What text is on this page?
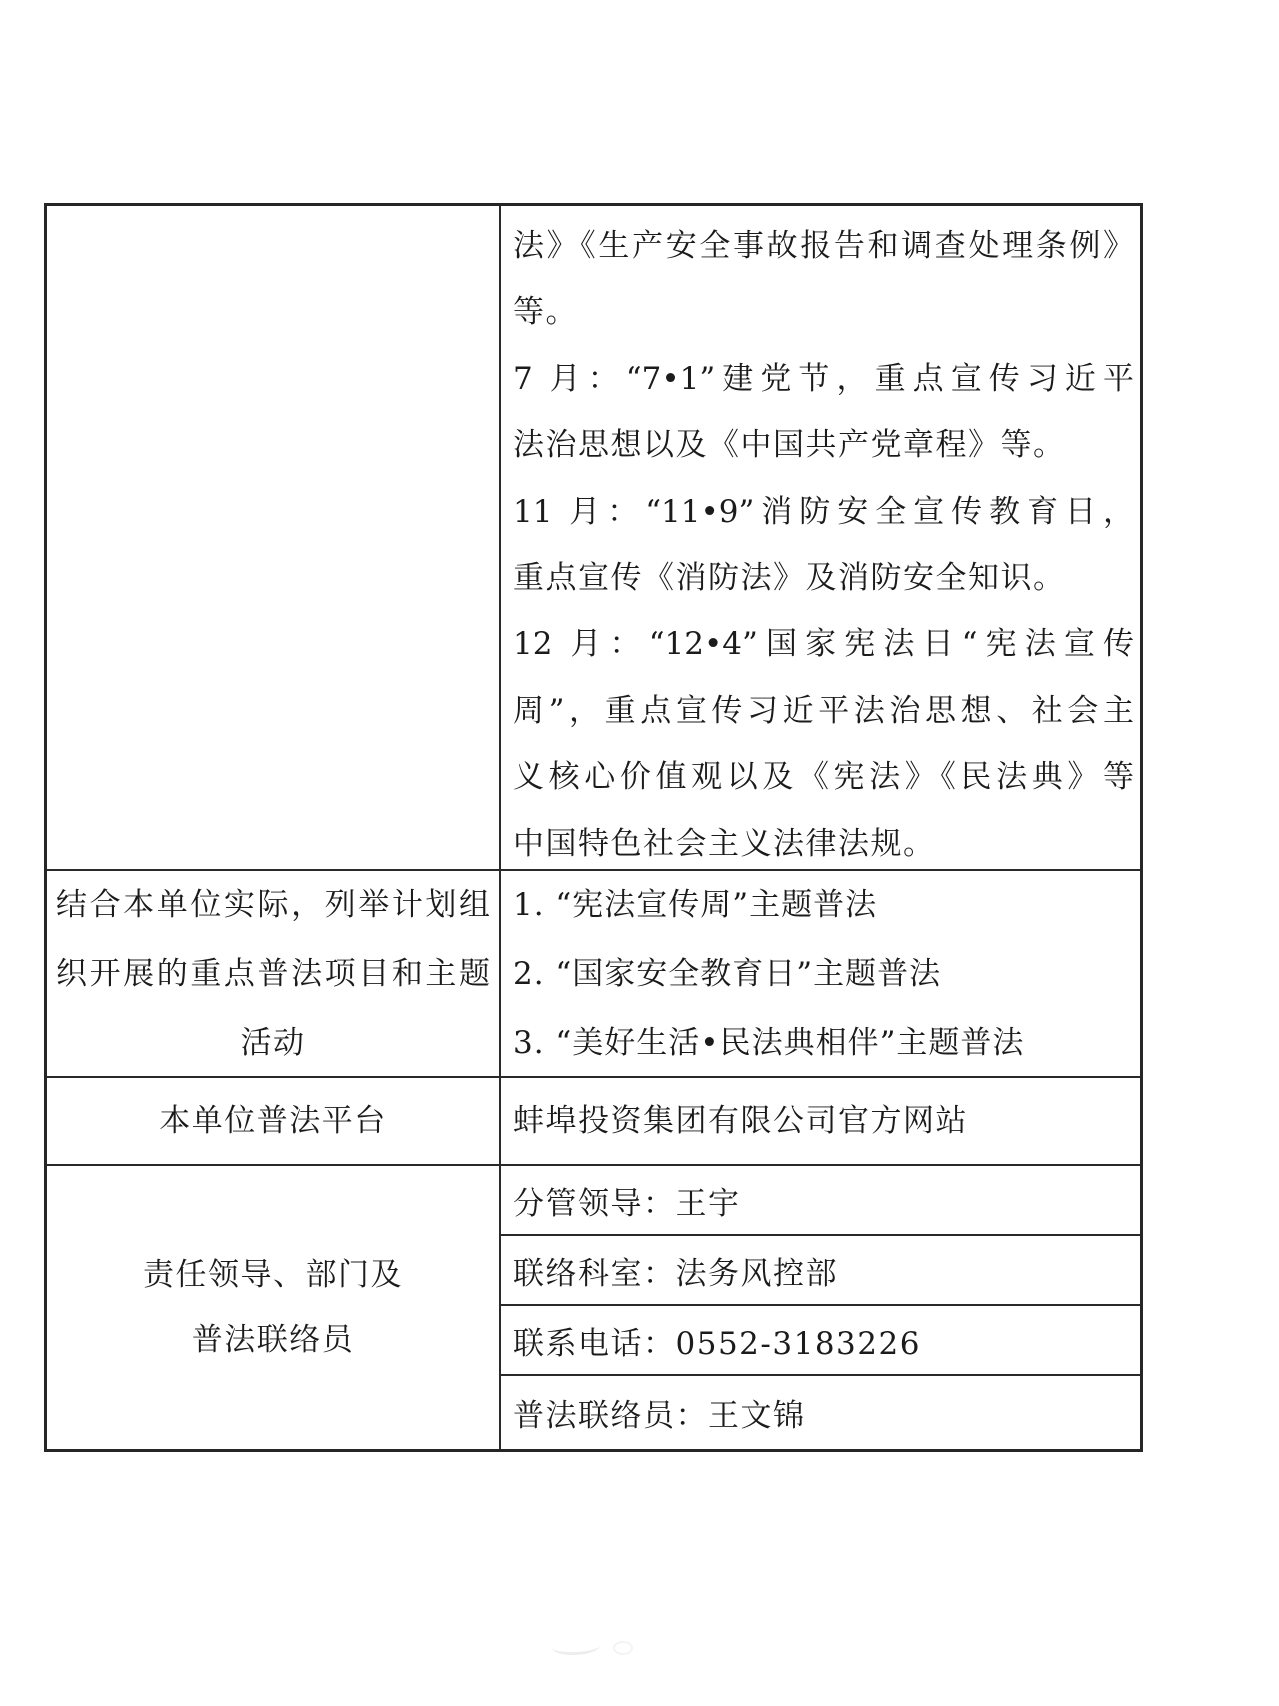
法》《生产安全事故报告和调查处理条例》
等。
7 月：“7•1”建党节，重点宣传习近平
法治思想以及《中国共产党章程》等。
11 月：“11•9”消防安全宣传教育日，
重点宣传《消防法》及消防安全知识。
12 月：“12•4”国家宪法日“宪法宣传
周”，重点宣传习近平法治思想、社会主
义核心价值观以及《宪法》《民法典》等
中国特色社会主义法律法规。
结合本单位实际，列举计划组
织开展的重点普法项目和主题
活动
1. “宪法宣传周”主题普法
2. “国家安全教育日”主题普法
3. “美好生活•民法典相伴”主题普法
本单位普法平台	蚌埠投资集团有限公司官方网站
责任领导、部门及
普法联络员
分管领导：王宇
联络科室：法务风控部
联系电话：0552-3183226
普法联络员：王文锦
